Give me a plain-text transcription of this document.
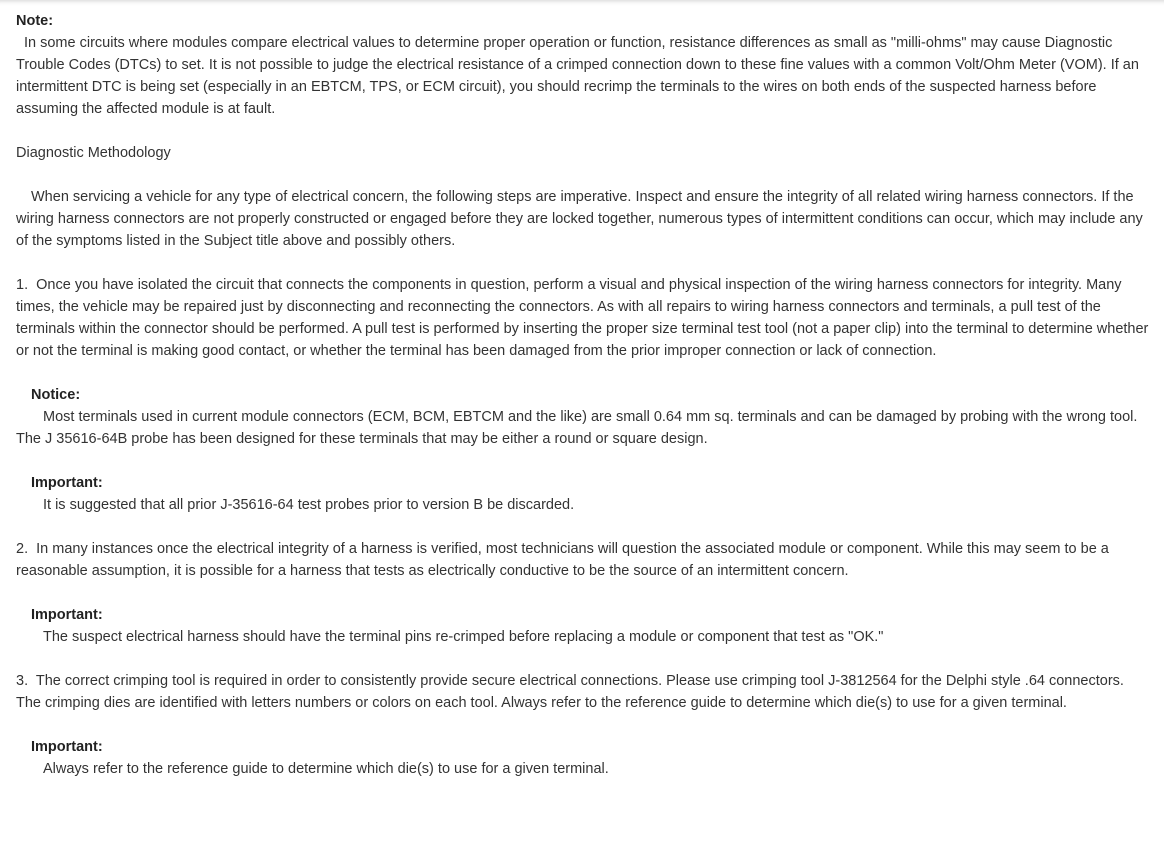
Note:
In some circuits where modules compare electrical values to determine proper operation or function, resistance differences as small as "milli-ohms" may cause Diagnostic Trouble Codes (DTCs) to set. It is not possible to judge the electrical resistance of a crimped connection down to these fine values with a common Volt/Ohm Meter (VOM). If an intermittent DTC is being set (especially in an EBTCM, TPS, or ECM circuit), you should recrimp the terminals to the wires on both ends of the suspected harness before assuming the affected module is at fault.
Diagnostic Methodology
When servicing a vehicle for any type of electrical concern, the following steps are imperative. Inspect and ensure the integrity of all related wiring harness connectors. If the wiring harness connectors are not properly constructed or engaged before they are locked together, numerous types of intermittent conditions can occur, which may include any of the symptoms listed in the Subject title above and possibly others.
1.  Once you have isolated the circuit that connects the components in question, perform a visual and physical inspection of the wiring harness connectors for integrity. Many times, the vehicle may be repaired just by disconnecting and reconnecting the connectors. As with all repairs to wiring harness connectors and terminals, a pull test of the terminals within the connector should be performed. A pull test is performed by inserting the proper size terminal test tool (not a paper clip) into the terminal to determine whether or not the terminal is making good contact, or whether the terminal has been damaged from the prior improper connection or lack of connection.
Notice:
Most terminals used in current module connectors (ECM, BCM, EBTCM and the like) are small 0.64 mm sq. terminals and can be damaged by probing with the wrong tool. The J 35616-64B probe has been designed for these terminals that may be either a round or square design.
Important:
It is suggested that all prior J-35616-64 test probes prior to version B be discarded.
2.  In many instances once the electrical integrity of a harness is verified, most technicians will question the associated module or component. While this may seem to be a reasonable assumption, it is possible for a harness that tests as electrically conductive to be the source of an intermittent concern.
Important:
The suspect electrical harness should have the terminal pins re-crimped before replacing a module or component that test as "OK."
3.  The correct crimping tool is required in order to consistently provide secure electrical connections. Please use crimping tool J-3812564 for the Delphi style .64 connectors. The crimping dies are identified with letters numbers or colors on each tool. Always refer to the reference guide to determine which die(s) to use for a given terminal.
Important:
Always refer to the reference guide to determine which die(s) to use for a given terminal.
